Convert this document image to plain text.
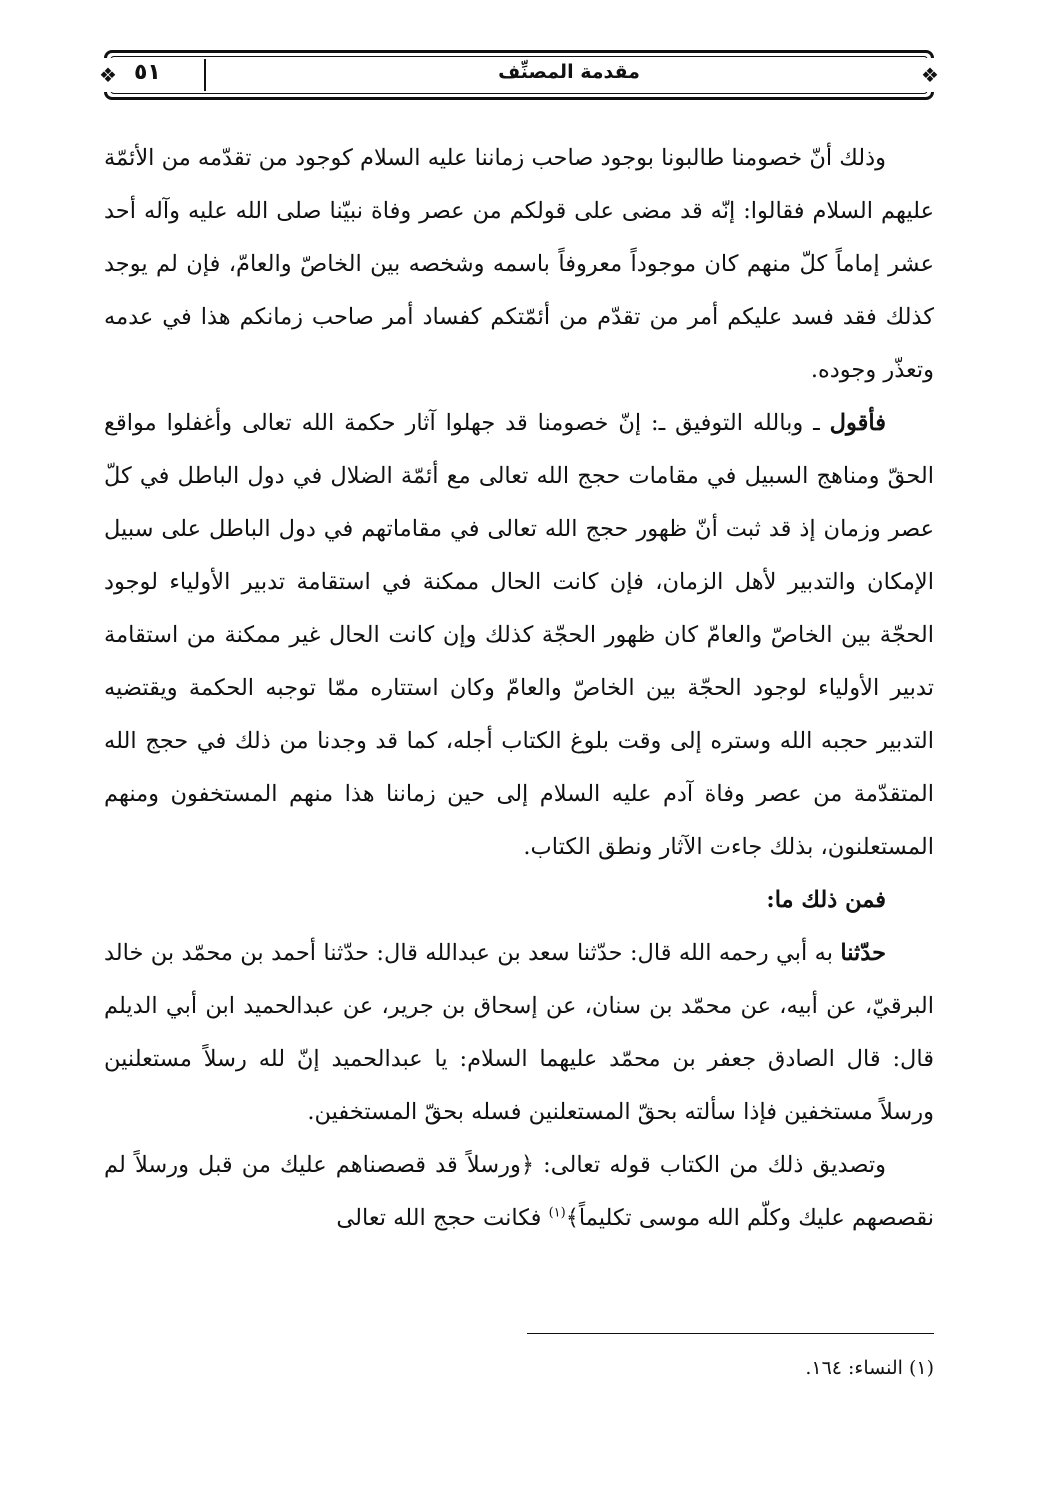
❖	❖
٥١	مقدمة المصنِّف

وذلك أنّ خصومنا طالبونا بوجود صاحب زماننا عليه السلام كوجود من تقدّمه من الأئمّة عليهم السلام فقالوا: إنّه قد مضى على قولكم من عصر وفاة نبيّنا صلى الله عليه وآله أحد عشر إماماً كلّ منهم كان موجوداً معروفاً باسمه وشخصه بين الخاصّ والعامّ، فإن لم يوجد كذلك فقد فسد عليكم أمر من تقدّم من أئمّتكم كفساد أمر صاحب زمانكم هذا في عدمه وتعذّر وجوده.

فأقول ـ وبالله التوفيق ـ: إنّ خصومنا قد جهلوا آثار حكمة الله تعالى وأغفلوا مواقع الحقّ ومناهج السبيل في مقامات حجج الله تعالى مع أئمّة الضلال في دول الباطل في كلّ عصر وزمان إذ قد ثبت أنّ ظهور حجج الله تعالى في مقاماتهم في دول الباطل على سبيل الإمكان والتدبير لأهل الزمان، فإن كانت الحال ممكنة في استقامة تدبير الأولياء لوجود الحجّة بين الخاصّ والعامّ كان ظهور الحجّة كذلك وإن كانت الحال غير ممكنة من استقامة تدبير الأولياء لوجود الحجّة بين الخاصّ والعامّ وكان استتاره ممّا توجبه الحكمة ويقتضيه التدبير حجبه الله وستره إلى وقت بلوغ الكتاب أجله، كما قد وجدنا من ذلك في حجج الله المتقدّمة من عصر وفاة آدم عليه السلام إلى حين زماننا هذا منهم المستخفون ومنهم المستعلنون، بذلك جاءت الآثار ونطق الكتاب.

فمن ذلك ما:

حدّثنا به أبي رحمه الله قال: حدّثنا سعد بن عبدالله قال: حدّثنا أحمد بن محمّد بن خالد البرقيّ، عن أبيه، عن محمّد بن سنان، عن إسحاق بن جرير، عن عبدالحميد ابن أبي الديلم قال: قال الصادق جعفر بن محمّد عليهما السلام: يا عبدالحميد إنّ لله رسلاً مستعلنين ورسلاً مستخفين فإذا سألته بحقّ المستعلنين فسله بحقّ المستخفين.

وتصديق ذلك من الكتاب قوله تعالى: ﴿ورسلاً قد قصصناهم عليك من قبل ورسلاً لم نقصصهم عليك وكلّم الله موسى تكليماً﴾$^{(١)}$ فكانت حجج الله تعالى

(١) النساء: ١٦٤.
